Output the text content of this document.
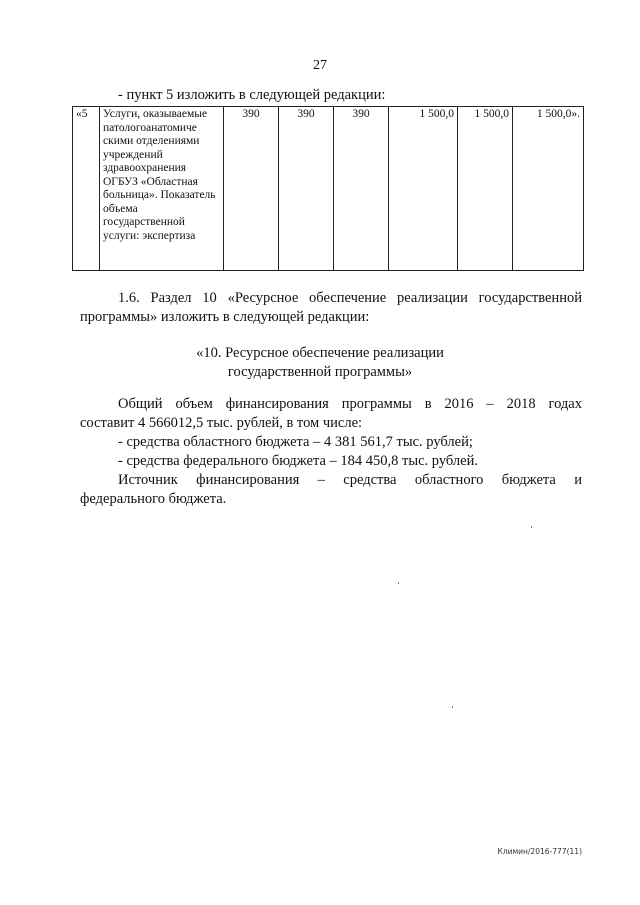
27
- пункт 5 изложить в следующей редакции:
«5	Услуги, оказываемые патологоанатомиче скими отделениями учреждений здравоохранения ОГБУЗ «Областная больница». Показатель объема государственной услуги: экспертиза	390	390	390	1 500,0	1 500,0	1 500,0».
1.6. Раздел 10 «Ресурсное обеспечение реализации государственной программы» изложить в следующей редакции:
«10. Ресурсное обеспечение реализации
государственной программы»
Общий объем финансирования программы в 2016 – 2018 годах
составит 4 566012,5 тыс. рублей, в том числе:
- средства областного бюджета – 4 381 561,7 тыс. рублей;
- средства федерального бюджета – 184 450,8 тыс. рублей.
Источник финансирования – средства областного бюджета и
федерального бюджета.
Климин/2016-777(11)
